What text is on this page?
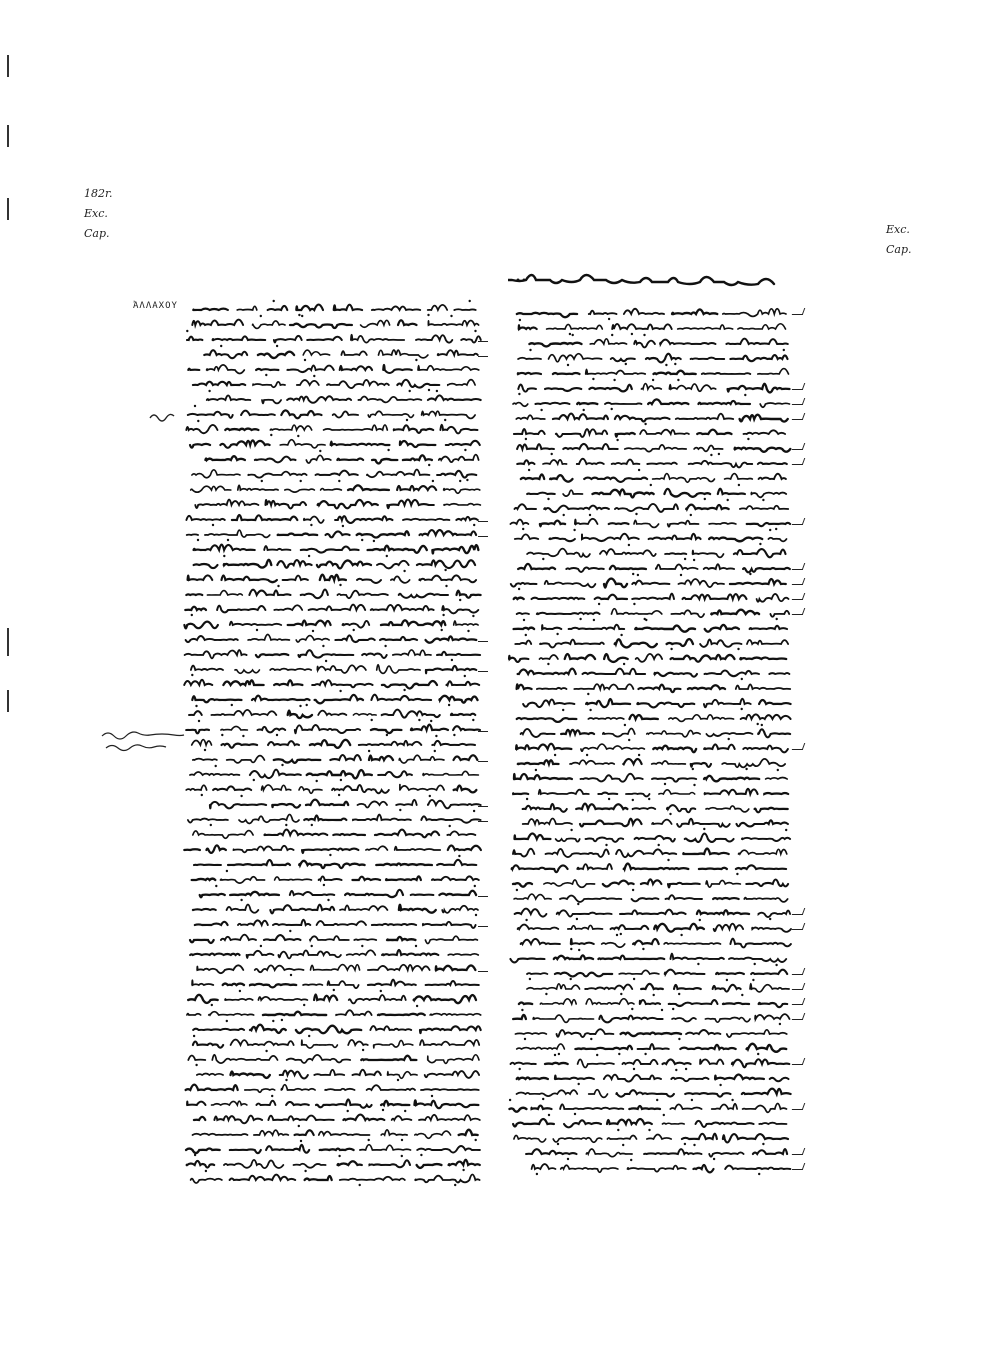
182r.
Exc.
Cap.	Exc.
Cap.
ἈΛΛΑΧΟΥ
